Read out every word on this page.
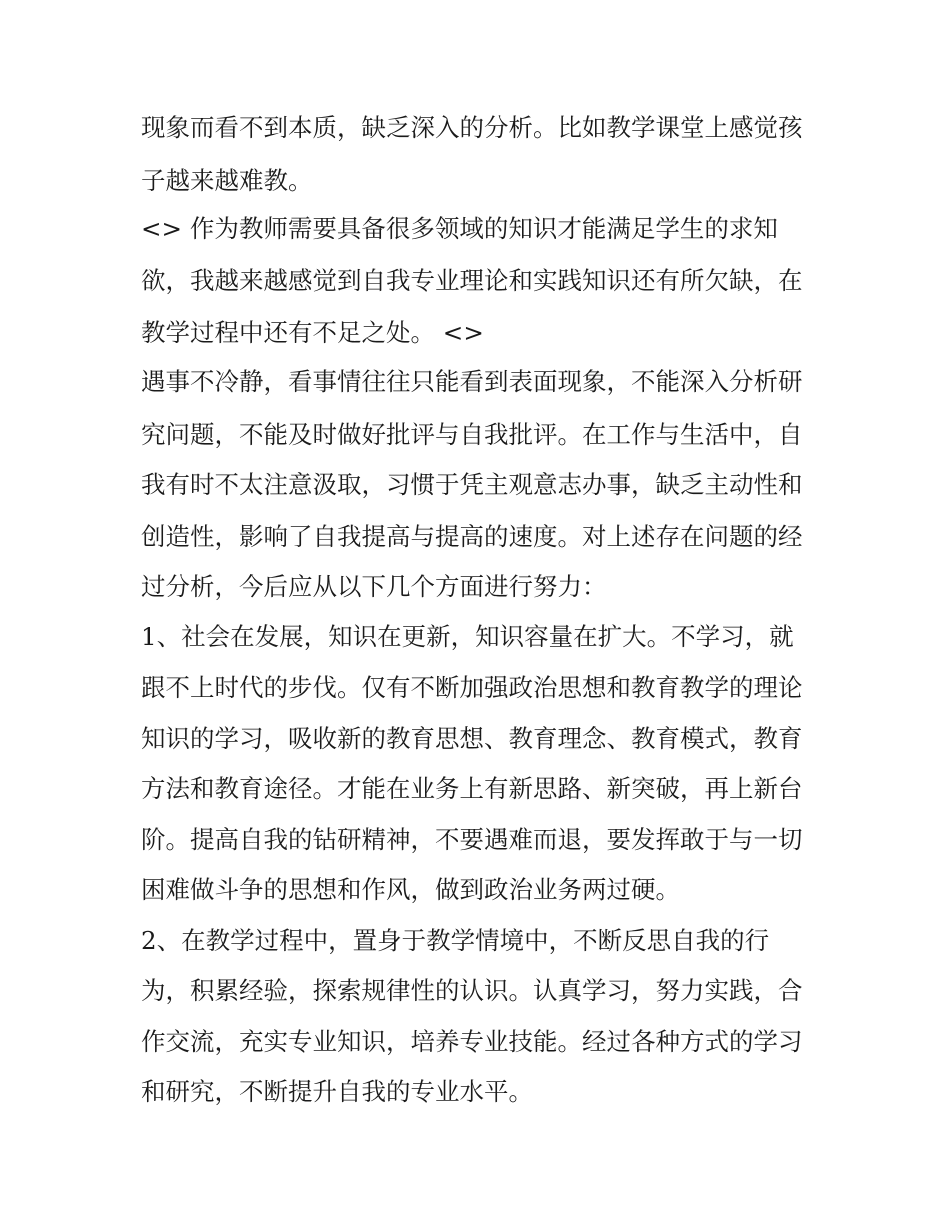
现象而看不到本质，缺乏深入的分析。比如教学课堂上感觉孩
子越来越难教。
<> 作为教师需要具备很多领域的知识才能满足学生的求知
欲，我越来越感觉到自我专业理论和实践知识还有所欠缺，在
教学过程中还有不足之处。 <>
遇事不冷静，看事情往往只能看到表面现象，不能深入分析研
究问题，不能及时做好批评与自我批评。在工作与生活中，自
我有时不太注意汲取，习惯于凭主观意志办事，缺乏主动性和
创造性，影响了自我提高与提高的速度。对上述存在问题的经
过分析，今后应从以下几个方面进行努力：
1、社会在发展，知识在更新，知识容量在扩大。不学习，就
跟不上时代的步伐。仅有不断加强政治思想和教育教学的理论
知识的学习，吸收新的教育思想、教育理念、教育模式，教育
方法和教育途径。才能在业务上有新思路、新突破，再上新台
阶。提高自我的钻研精神，不要遇难而退，要发挥敢于与一切
困难做斗争的思想和作风，做到政治业务两过硬。
2、在教学过程中，置身于教学情境中，不断反思自我的行
为，积累经验，探索规律性的认识。认真学习，努力实践，合
作交流，充实专业知识，培养专业技能。经过各种方式的学习
和研究，不断提升自我的专业水平。
